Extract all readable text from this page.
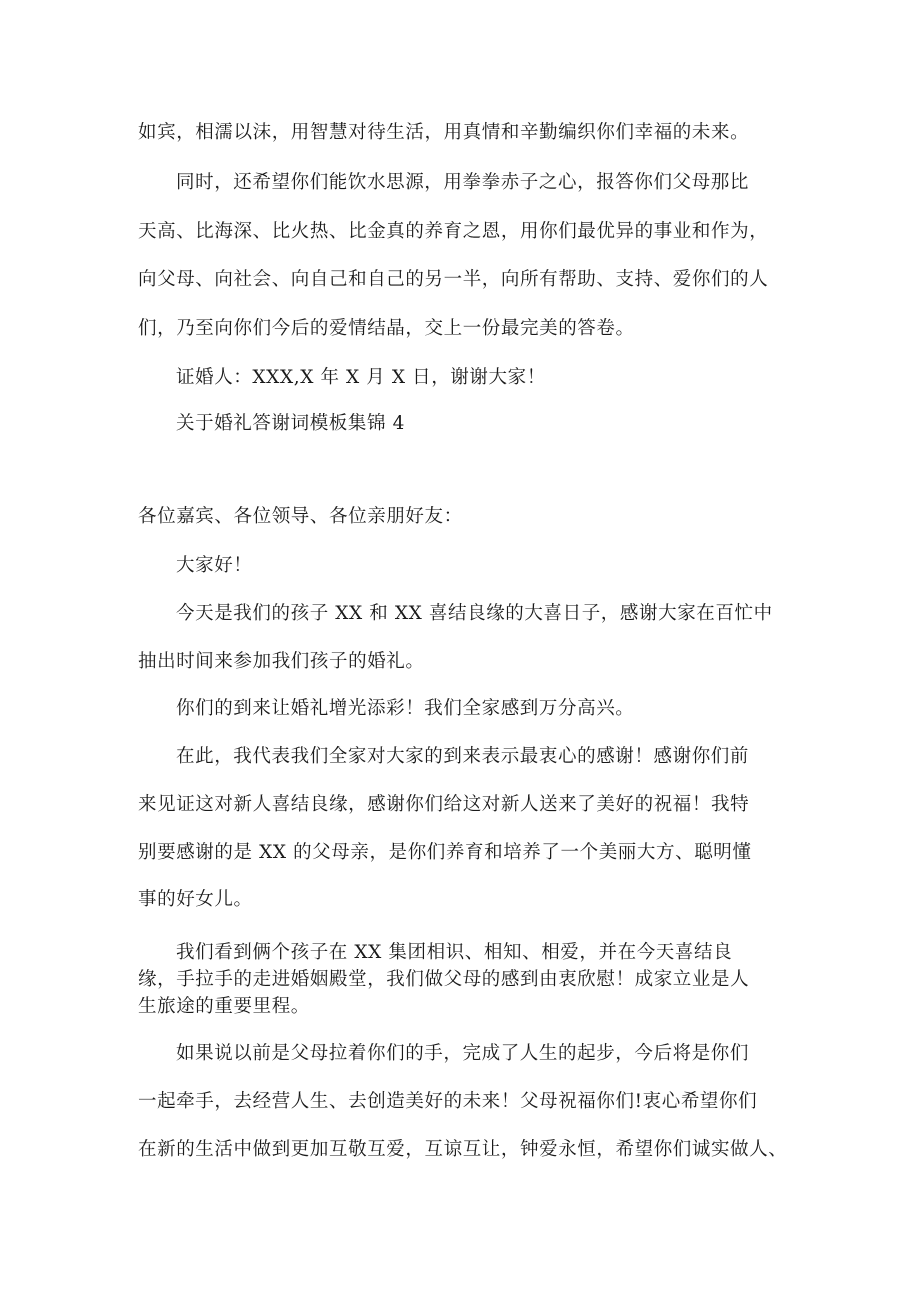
如宾，相濡以沫，用智慧对待生活，用真情和辛勤编织你们幸福的未来。
同时，还希望你们能饮水思源，用拳拳赤子之心，报答你们父母那比
天高、比海深、比火热、比金真的养育之恩，用你们最优异的事业和作为，
向父母、向社会、向自己和自己的另一半，向所有帮助、支持、爱你们的人
们，乃至向你们今后的爱情结晶，交上一份最完美的答卷。
证婚人：XXX,X 年 X 月 X 日，谢谢大家！
关于婚礼答谢词模板集锦 4
各位嘉宾、各位领导、各位亲朋好友：
大家好！
今天是我们的孩子 XX 和 XX 喜结良缘的大喜日子，感谢大家在百忙中
抽出时间来参加我们孩子的婚礼。
你们的到来让婚礼增光添彩！我们全家感到万分高兴。
在此，我代表我们全家对大家的到来表示最衷心的感谢！感谢你们前
来见证这对新人喜结良缘，感谢你们给这对新人送来了美好的祝福！我特
别要感谢的是 XX 的父母亲，是你们养育和培养了一个美丽大方、聪明懂
事的好女儿。
我们看到俩个孩子在 XX 集团相识、相知、相爱，并在今天喜结良
缘，手拉手的走进婚姻殿堂，我们做父母的感到由衷欣慰！成家立业是人
生旅途的重要里程。
如果说以前是父母拉着你们的手，完成了人生的起步，今后将是你们
一起牵手，去经营人生、去创造美好的未来！父母祝福你们!衷心希望你们
在新的生活中做到更加互敬互爱，互谅互让，钟爱永恒，希望你们诚实做人、
